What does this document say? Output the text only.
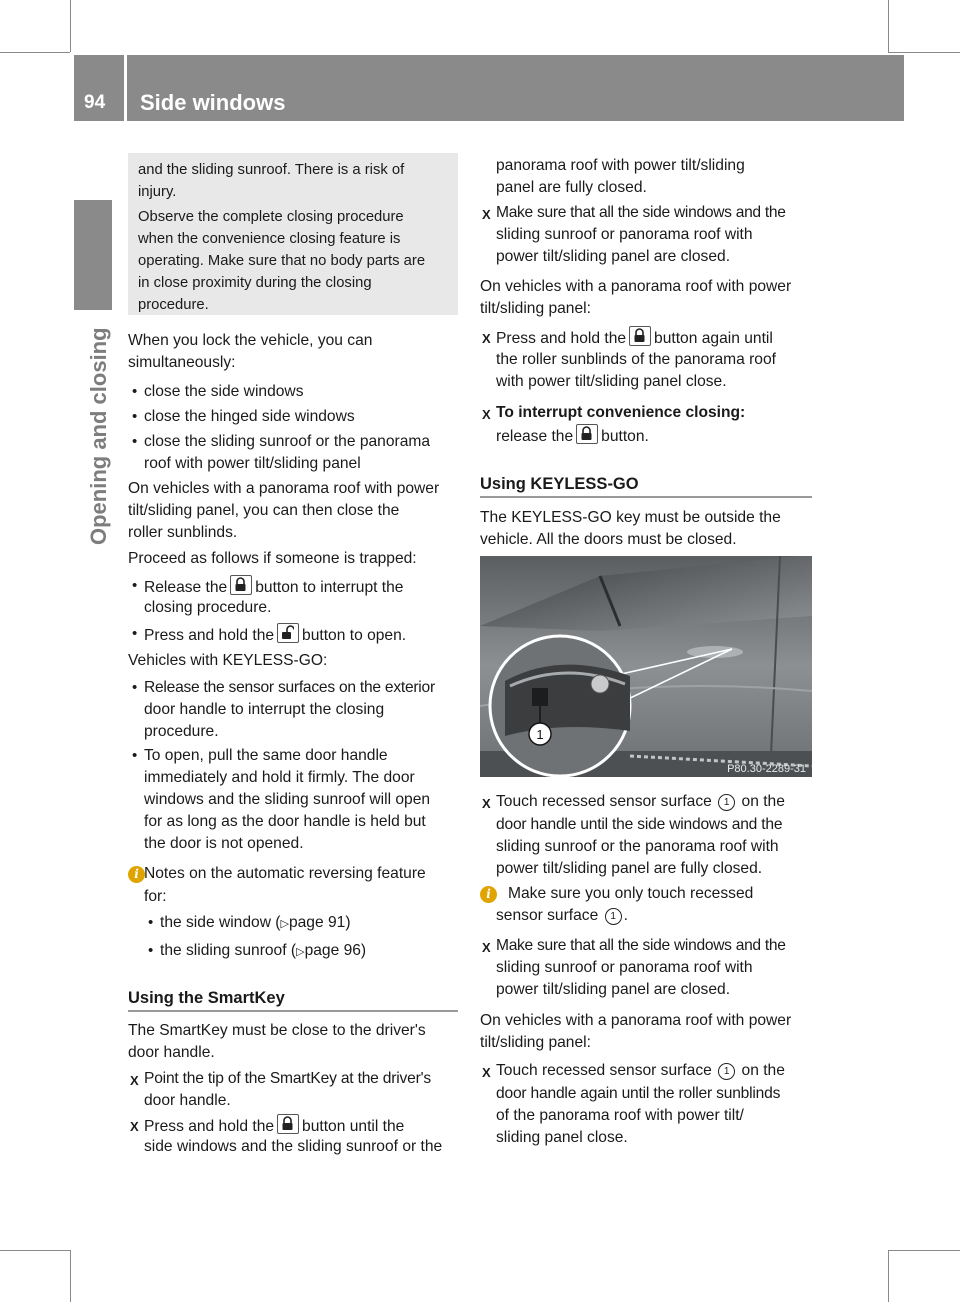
94 Side windows
Opening and closing
and the sliding sunroof. There is a risk of
injury.
Observe the complete closing procedure
when the convenience closing feature is
operating. Make sure that no body parts are
in close proximity during the closing
procedure.
When you lock the vehicle, you can
simultaneously:
• close the side windows
• close the hinged side windows
• close the sliding sunroof or the panorama
roof with power tilt/sliding panel
On vehicles with a panorama roof with power
tilt/sliding panel, you can then close the
roller sunblinds.
Proceed as follows if someone is trapped:
• Release the button to interrupt the
closing procedure.
• Press and hold the button to open.
Vehicles with KEYLESS-GO:
• Release the sensor surfaces on the exterior
door handle to interrupt the closing
procedure.
• To open, pull the same door handle
immediately and hold it firmly. The door
windows and the sliding sunroof will open
for as long as the door handle is held but
the door is not opened.
i Notes on the automatic reversing feature
for:
• the side window (▷page 91)
• the sliding sunroof (▷page 96)
Using the SmartKey
The SmartKey must be close to the driver's
door handle.
X Point the tip of the SmartKey at the driver's
door handle.
X Press and hold the button until the
side windows and the sliding sunroof or the
panorama roof with power tilt/sliding
panel are fully closed.
X Make sure that all the side windows and the
sliding sunroof or panorama roof with
power tilt/sliding panel are closed.
On vehicles with a panorama roof with power
tilt/sliding panel:
X Press and hold the button again until
the roller sunblinds of the panorama roof
with power tilt/sliding panel close.
X To interrupt convenience closing:
release the button.
Using KEYLESS-GO
The KEYLESS-GO key must be outside the
vehicle. All the doors must be closed.
1
P80.30-2289-31
X Touch recessed sensor surface 1 on the
door handle until the side windows and the
sliding sunroof or the panorama roof with
power tilt/sliding panel are fully closed.
i	Make sure you only touch recessed
sensor surface 1 .
X Make sure that all the side windows and the
sliding sunroof or panorama roof with
power tilt/sliding panel are closed.
On vehicles with a panorama roof with power
tilt/sliding panel:
X Touch recessed sensor surface 1 on the
door handle again until the roller sunblinds
of the panorama roof with power tilt/
sliding panel close.
